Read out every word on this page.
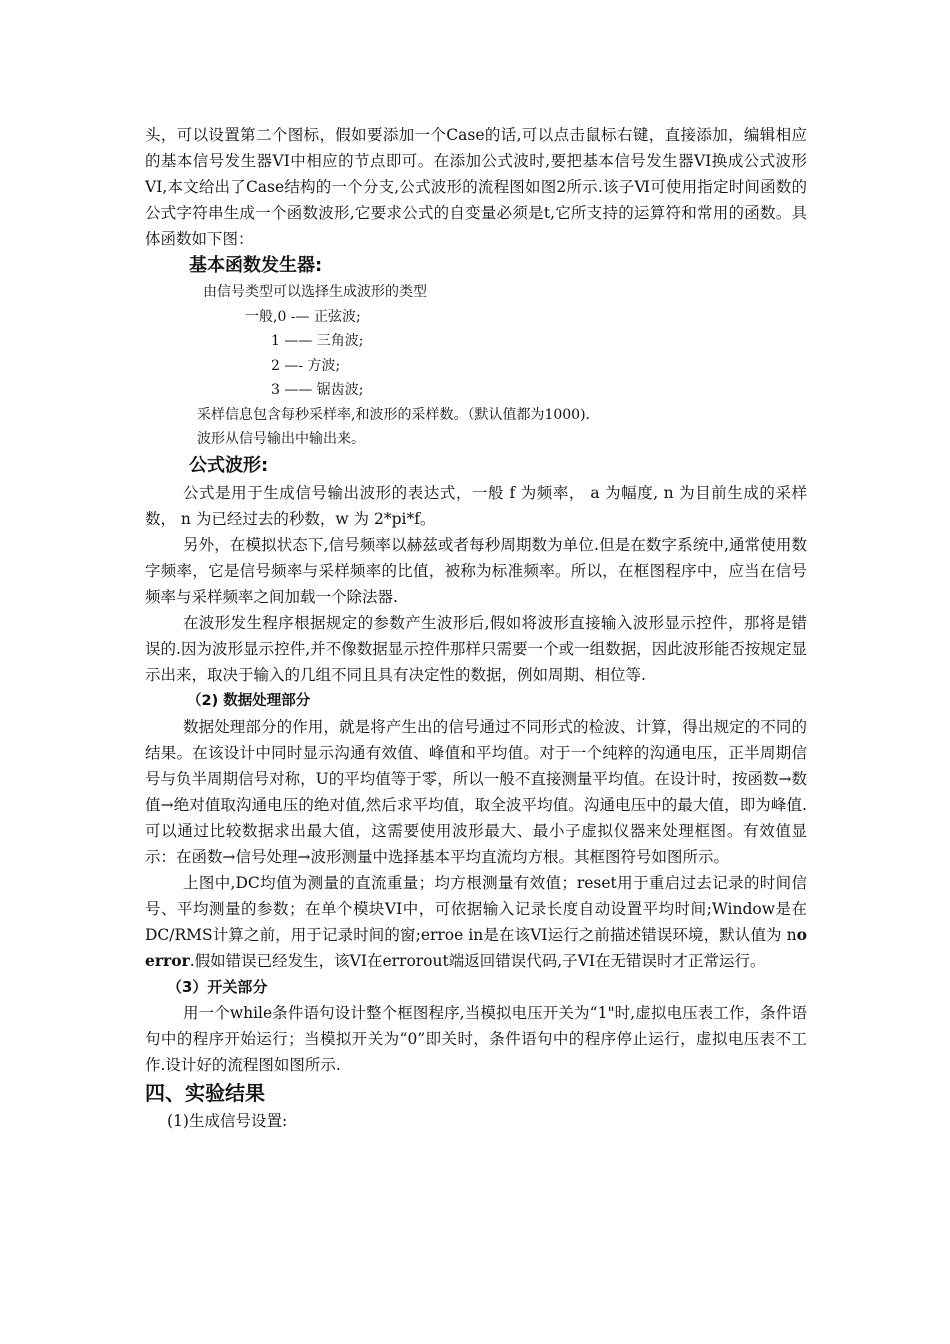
头，可以设置第二个图标，假如要添加一个Case的话,可以点击鼠标右键，直接添加，编辑相应的基本信号发生器VI中相应的节点即可。在添加公式波时,要把基本信号发生器VI换成公式波形VI,本文给出了Case结构的一个分支,公式波形的流程图如图2所示.该子Ⅵ可使用指定时间函数的公式字符串生成一个函数波形,它要求公式的自变量必须是t,它所支持的运算符和常用的函数。具体函数如下图：

基本函数发生器:

由信号类型可以选择生成波形的类型

一般,0 -— 正弦波;

1 —— 三角波;

2 —- 方波;

3 —— 锯齿波;

采样信息包含每秒采样率,和波形的采样数。（默认值都为1000).

波形从信号输出中输出来。

公式波形:

公式是用于生成信号输出波形的表达式，一般 f 为频率， a 为幅度, n 为目前生成的采样数， n 为已经过去的秒数，w 为 2*pi*f。

另外，在模拟状态下,信号频率以赫兹或者每秒周期数为单位.但是在数字系统中,通常使用数字频率，它是信号频率与采样频率的比值，被称为标准频率。所以，在框图程序中，应当在信号频率与采样频率之间加载一个除法器.

在波形发生程序根据规定的参数产生波形后,假如将波形直接输入波形显示控件，那将是错误的.因为波形显示控件,并不像数据显示控件那样只需要一个或一组数据，因此波形能否按规定显示出来，取决于输入的几组不同且具有决定性的数据，例如周期、相位等.

（2) 数据处理部分

数据处理部分的作用，就是将产生出的信号通过不同形式的检波、计算，得出规定的不同的结果。在该设计中同时显示沟通有效值、峰值和平均值。对于一个纯粹的沟通电压，正半周期信号与负半周期信号对称，U的平均值等于零，所以一般不直接测量平均值。在设计时，按函数→数值→绝对值取沟通电压的绝对值,然后求平均值，取全波平均值。沟通电压中的最大值，即为峰值.可以通过比较数据求出最大值，这需要使用波形最大、最小子虚拟仪器来处理框图。有效值显示：在函数→信号处理→波形测量中选择基本平均直流均方根。其框图符号如图所示。

上图中,DC均值为测量的直流重量；均方根测量有效值；reset用于重启过去记录的时间信号、平均测量的参数；在单个模块VI中，可依据输入记录长度自动设置平均时间;Window是在DC/RMS计算之前，用于记录时间的窗;erroe in是在该VI运行之前描述错误环境，默认值为 no error.假如错误已经发生，该VI在errorout端返回错误代码,子VI在无错误时才正常运行。

（3）开关部分

用一个while条件语句设计整个框图程序,当模拟电压开关为“1"时,虚拟电压表工作，条件语句中的程序开始运行；当模拟开关为“0”即关时，条件语句中的程序停止运行，虚拟电压表不工作.设计好的流程图如图所示.

四、实验结果

(1)生成信号设置:
